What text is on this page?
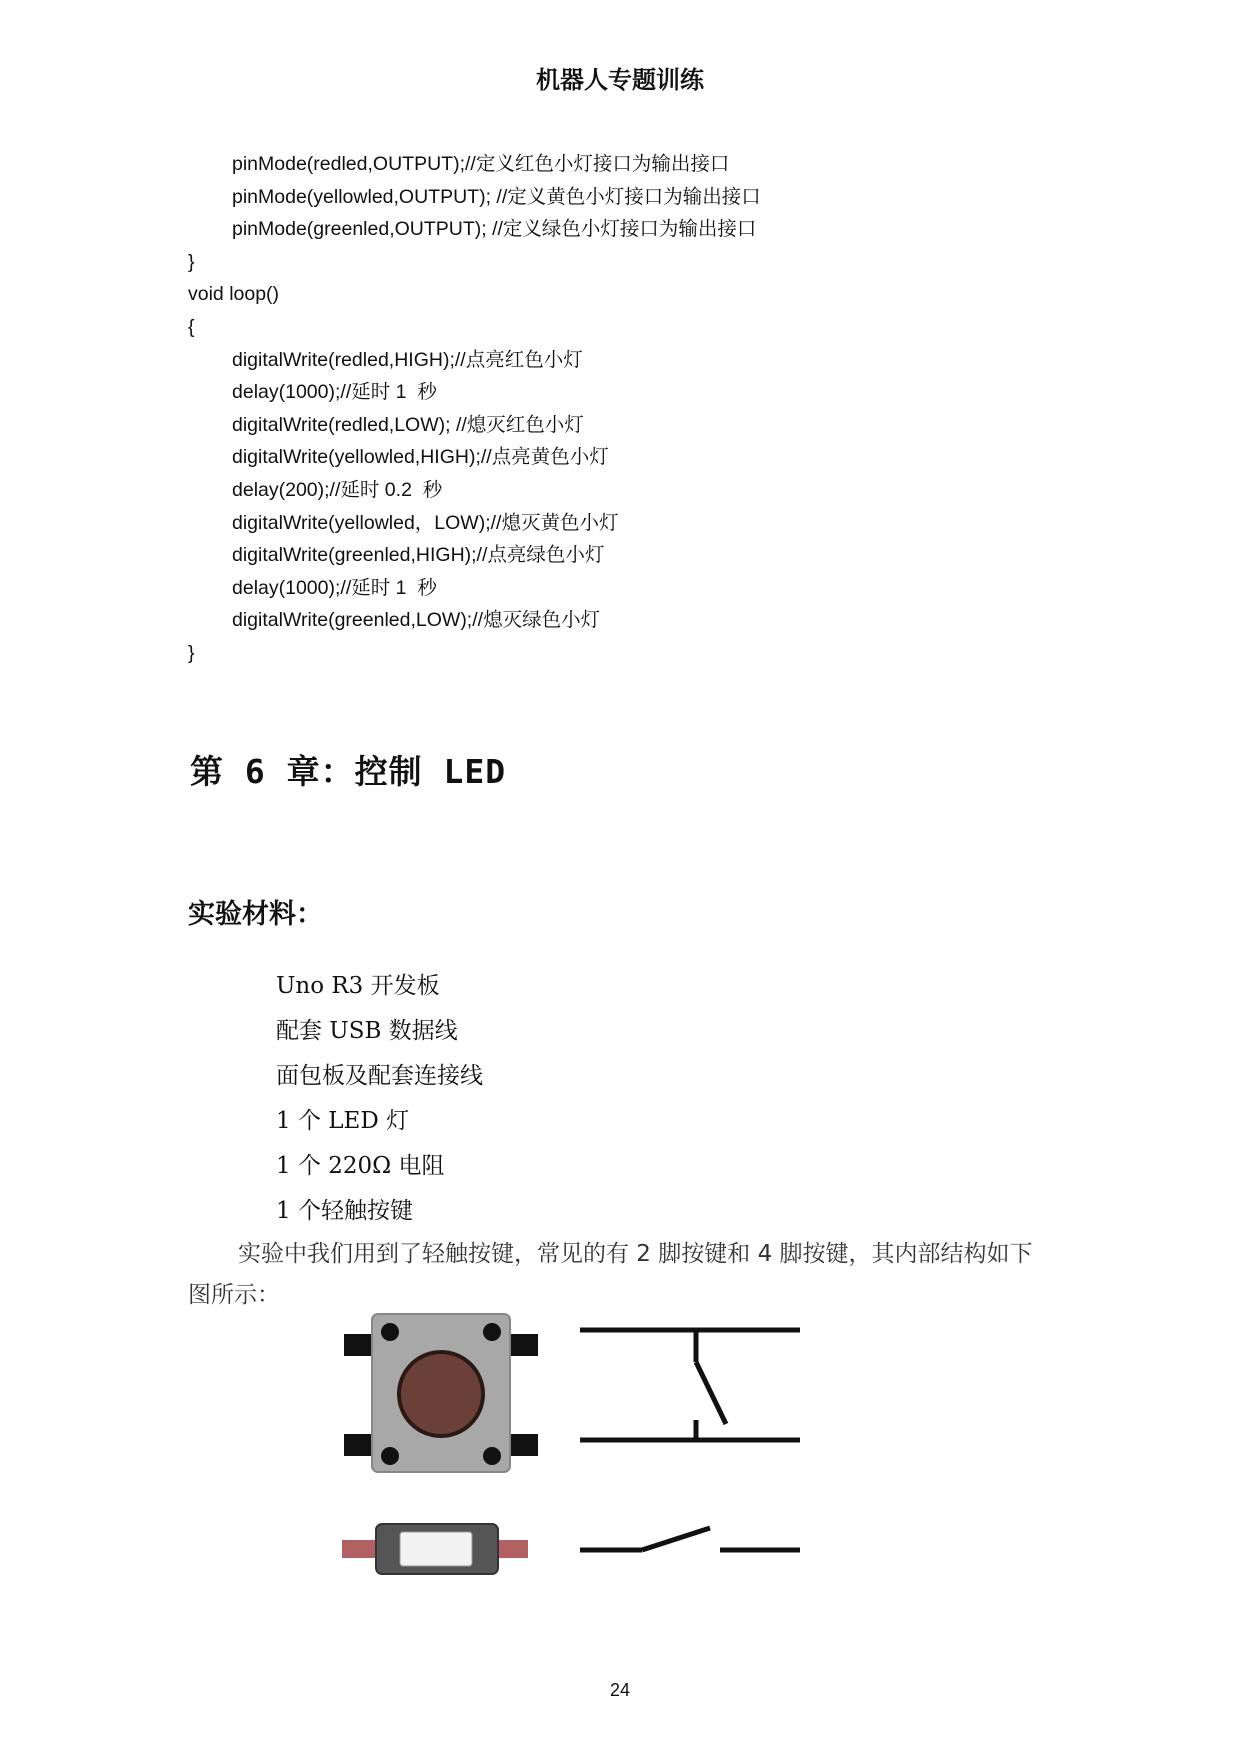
机器人专题训练
pinMode(redled,OUTPUT);//定义红色小灯接口为输出接口
pinMode(yellowled,OUTPUT); //定义黄色小灯接口为输出接口
pinMode(greenled,OUTPUT); //定义绿色小灯接口为输出接口
}
void loop()
{
digitalWrite(redled,HIGH);//点亮红色小灯
delay(1000);//延时 1  秒
digitalWrite(redled,LOW); //熄灭红色小灯
digitalWrite(yellowled,HIGH);//点亮黄色小灯
delay(200);//延时 0.2  秒
digitalWrite(yellowled，LOW);//熄灭黄色小灯
digitalWrite(greenled,HIGH);//点亮绿色小灯
delay(1000);//延时 1  秒
digitalWrite(greenled,LOW);//熄灭绿色小灯
}
第 6 章：控制 LED
实验材料：
Uno R3 开发板
配套 USB 数据线
面包板及配套连接线
1 个 LED 灯
1 个 220Ω 电阻
1 个轻触按键
实验中我们用到了轻触按键，常见的有 2 脚按键和 4 脚按键，其内部结构如下图所示：
24
